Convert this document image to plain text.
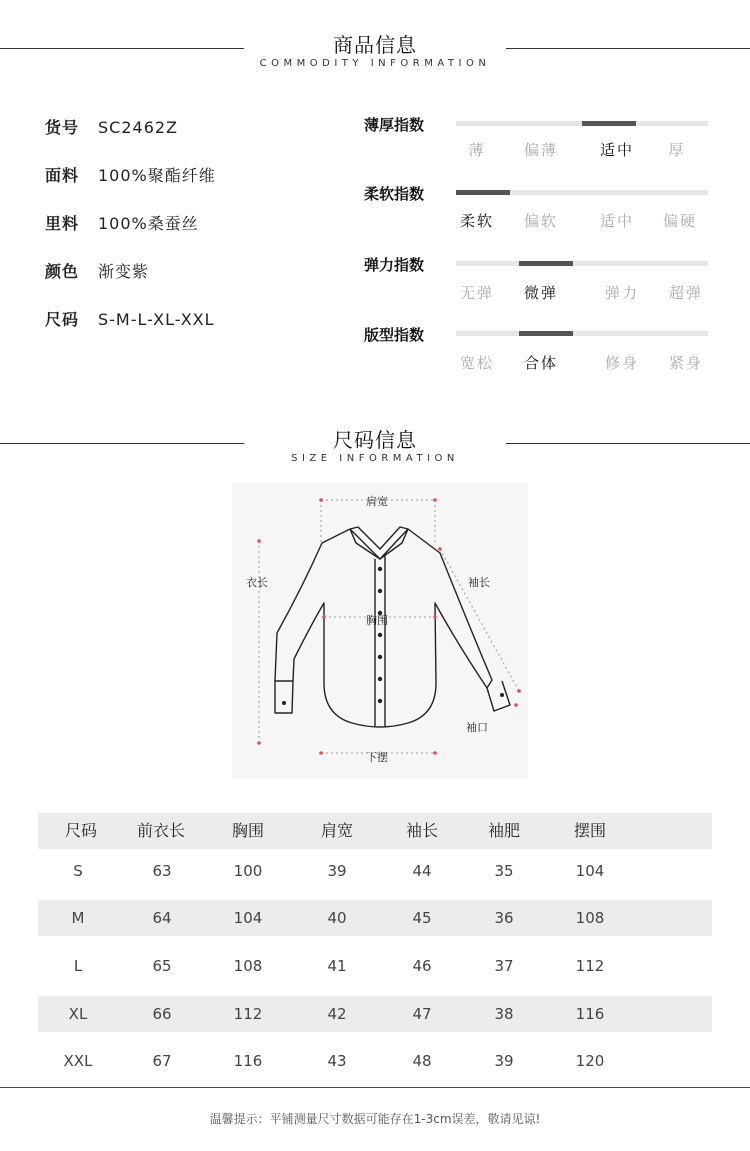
商品信息
COMMODITY INFORMATION
货号 SC2462Z
面料 100%聚酯纤维
里料 100%桑蚕丝
颜色 渐变紫
尺码 S-M-L-XL-XXL
薄厚指数
薄	偏薄	适中	厚
柔软指数
柔软	偏软	适中	偏硬
弹力指数
无弹	微弹	弹力	超弹
版型指数
宽松	合体	修身	紧身
尺码信息
SIZE INFORMATION
肩宽
衣长	袖长
胸围
袖口
下摆
尺码	前衣长	胸围	肩宽	袖长	袖肥	摆围
S	63	100	39	44	35	104
M	64	104	40	45	36	108
L	65	108	41	46	37	112
XL	66	112	42	47	38	116
XXL	67	116	43	48	39	120
温馨提示：平铺测量尺寸数据可能存在1-3cm误差，敬请见谅!
